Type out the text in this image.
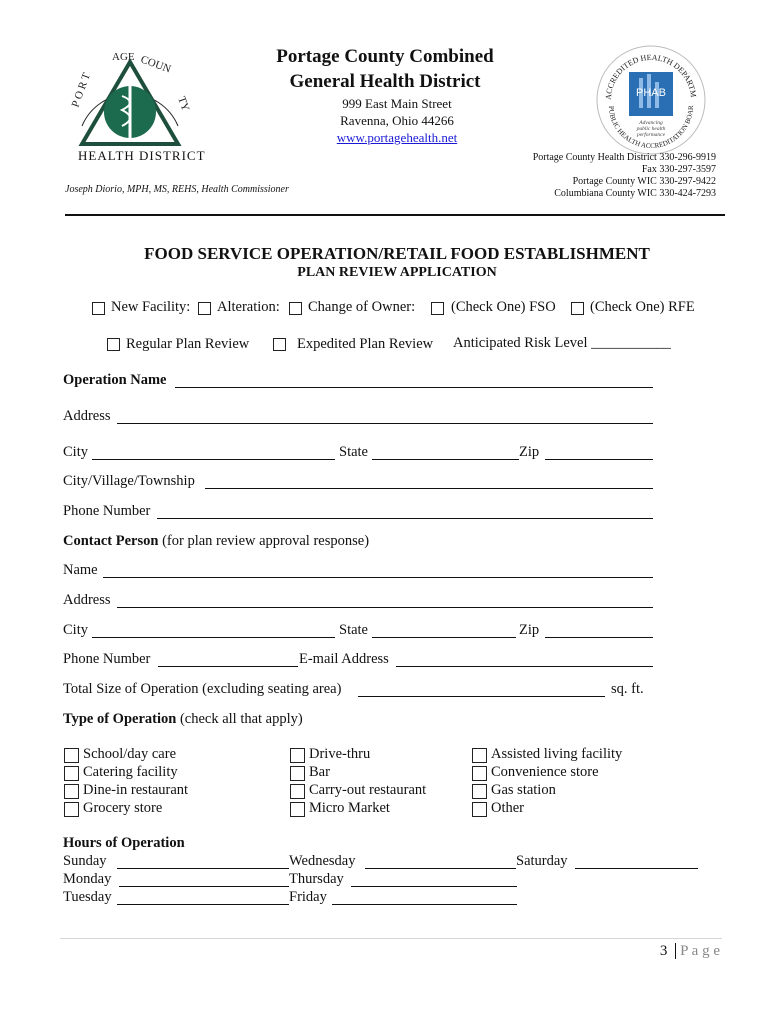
P O R T
AGE COUN
TY
HEALTH DISTRICT
Portage County Combined
General Health District
999 East Main Street
Ravenna, Ohio 44266
www.portagehealth.net
ACCREDITED HEALTH DEPARTM
PUBLIC HEALTH ACCREDITATION BOAR
PHAB
Advancing
public health
performance
Portage County Health District 330-296-9919
Fax 330-297-3597
Portage County WIC 330-297-9422
Columbiana County WIC 330-424-7293
Joseph Diorio, MPH, MS, REHS, Health Commissioner
FOOD SERVICE OPERATION/RETAIL FOOD ESTABLISHMENT
PLAN REVIEW APPLICATION
New Facility: Alteration: Change of Owner: (Check One) FSO (Check One) RFE
Regular Plan Review	Expedited Plan Review Anticipated Risk Level ___________
Operation Name
Address
City	State	Zip
City/Village/Township
Phone Number
Contact Person (for plan review approval response)
Name
Address
City	State	Zip
Phone Number	E-mail Address
Total Size of Operation (excluding seating area)	sq. ft.
Type of Operation (check all that apply)
School/day care
Catering facility
Dine-in restaurant
Grocery store
Drive-thru
Bar
Carry-out restaurant
Micro Market
Assisted living facility
Convenience store
Gas station
Other
Hours of Operation
Sunday	Wednesday	Saturday
Monday	Thursday
Tuesday	Friday
3 P a g e
